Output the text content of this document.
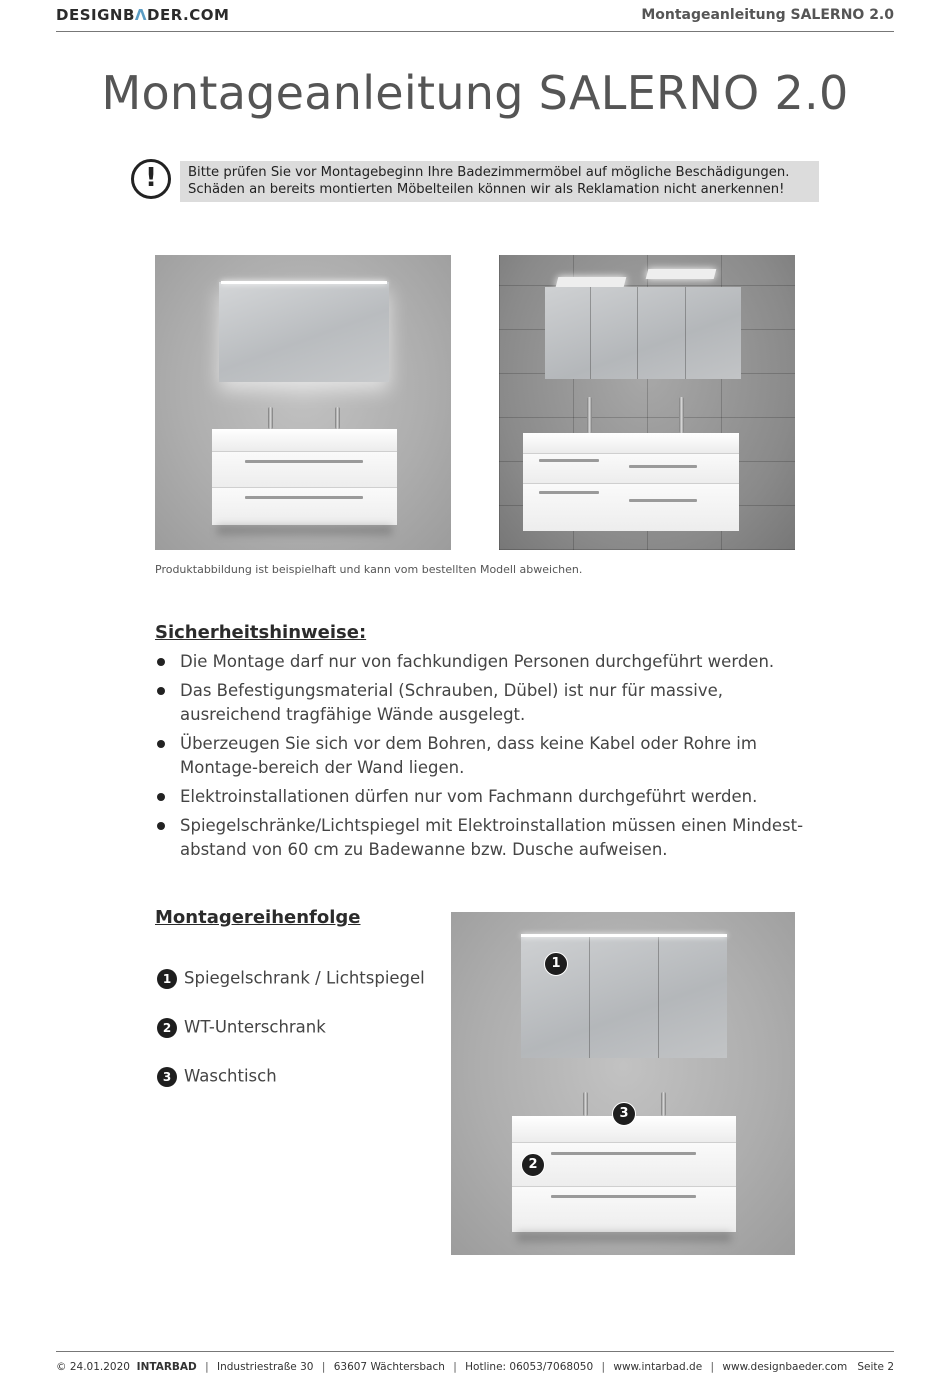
DESIGNBΛDER.COM	Montageanleitung SALERNO 2.0
Montageanleitung SALERNO 2.0
!	Bitte prüfen Sie vor Montagebeginn Ihre Badezimmermöbel auf mögliche Beschädigungen.
Schäden an bereits montierten Möbelteilen können wir als Reklamation nicht anerkennen!
Produktabbildung ist beispielhaft und kann vom bestellten Modell abweichen.
Sicherheitshinweise:
Die Montage darf nur von fachkundigen Personen durchgeführt werden.
Das Befestigungsmaterial (Schrauben, Dübel) ist nur für massive, ausreichend tragfähige Wände ausgelegt.
Überzeugen Sie sich vor dem Bohren, dass keine Kabel oder Rohre im Montage-bereich der Wand liegen.
Elektroinstallationen dürfen nur vom Fachmann durchgeführt werden.
Spiegelschränke/Lichtspiegel mit Elektroinstallation müssen einen Mindest-abstand von 60 cm zu Badewanne bzw. Dusche aufweisen.
Montagereihenfolge
1 Spiegelschrank / Lichtspiegel
2 WT-Unterschrank
3 Waschtisch
1
2
3
© 24.01.2020 INTARBAD | Industriestraße 30 | 63607 Wächtersbach | Hotline: 06053/7068050 | www.intarbad.de | www.designbaeder.com Seite 2
